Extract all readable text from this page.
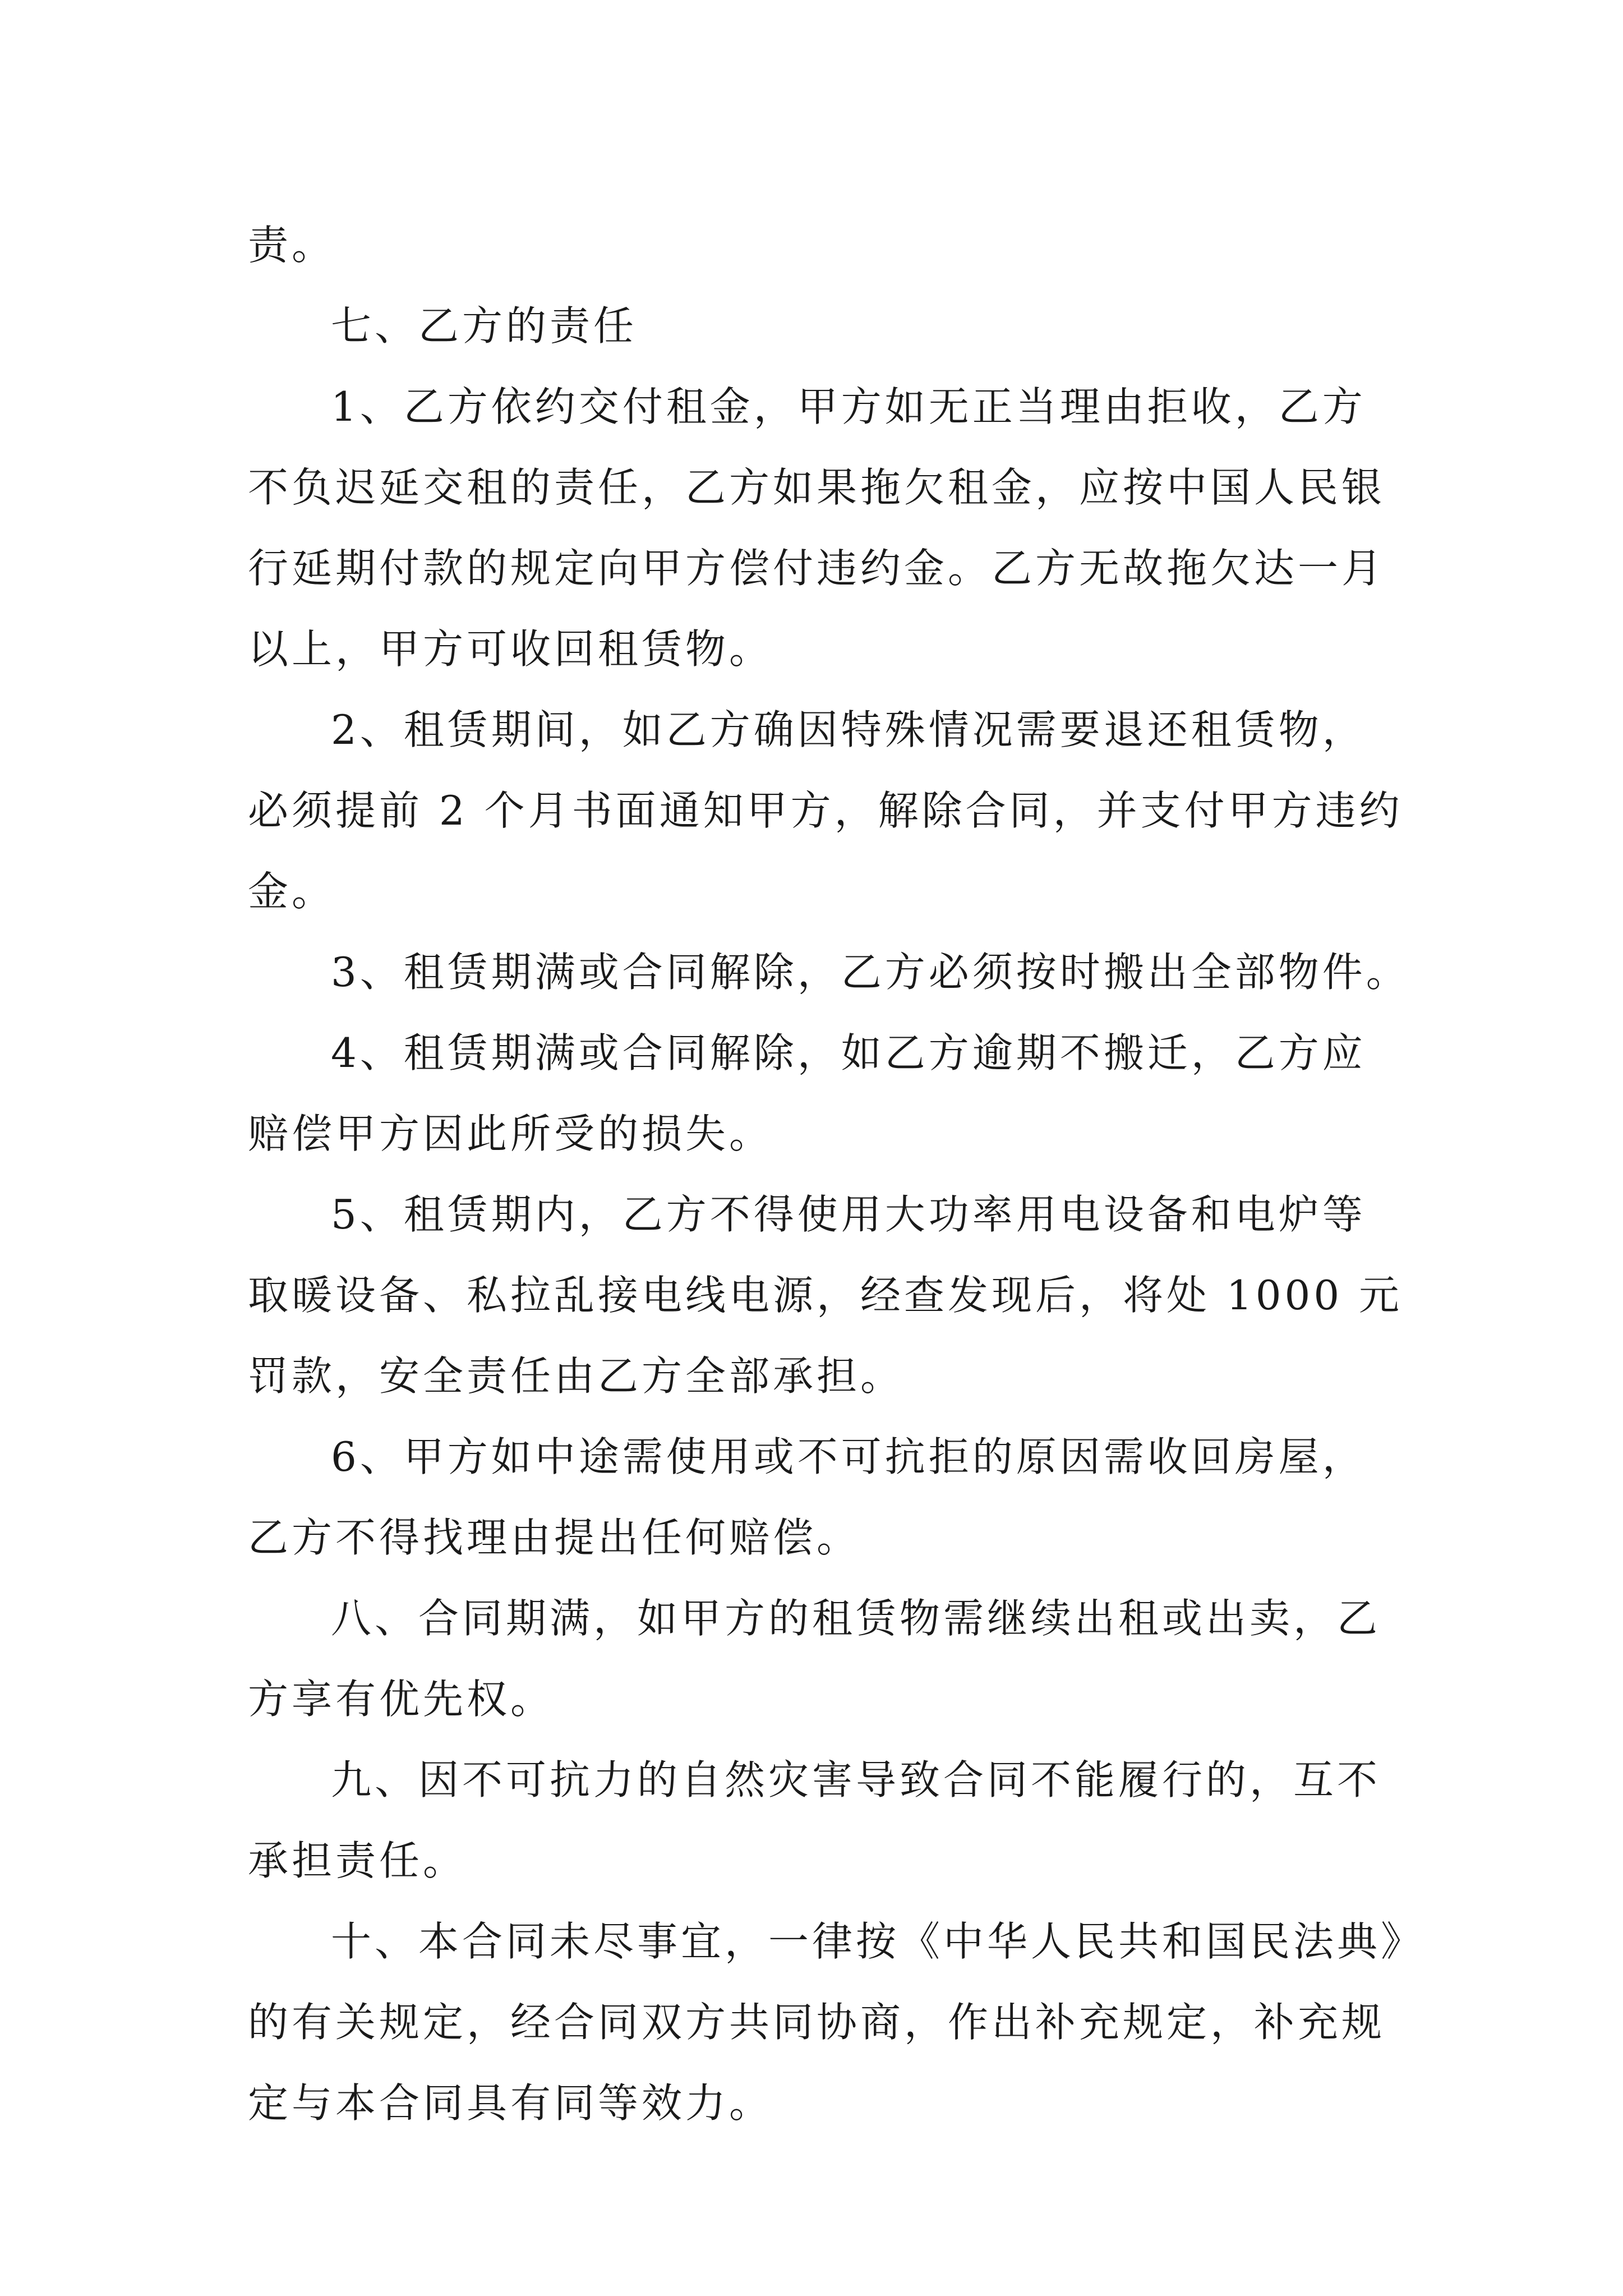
责。
七、乙方的责任
1、乙方依约交付租金，甲方如无正当理由拒收，乙方
不负迟延交租的责任，乙方如果拖欠租金，应按中国人民银
行延期付款的规定向甲方偿付违约金。乙方无故拖欠达一月
以上，甲方可收回租赁物。
2、租赁期间，如乙方确因特殊情况需要退还租赁物，
必须提前 2 个月书面通知甲方，解除合同，并支付甲方违约
金。
3、租赁期满或合同解除，乙方必须按时搬出全部物件。
4、租赁期满或合同解除，如乙方逾期不搬迁，乙方应
赔偿甲方因此所受的损失。
5、租赁期内，乙方不得使用大功率用电设备和电炉等
取暖设备、私拉乱接电线电源，经查发现后，将处 1000 元
罚款，安全责任由乙方全部承担。
6、甲方如中途需使用或不可抗拒的原因需收回房屋，
乙方不得找理由提出任何赔偿。
八、合同期满，如甲方的租赁物需继续出租或出卖，乙
方享有优先权。
九、因不可抗力的自然灾害导致合同不能履行的，互不
承担责任。
十、本合同未尽事宜，一律按《中华人民共和国民法典》
的有关规定，经合同双方共同协商，作出补充规定，补充规
定与本合同具有同等效力。
